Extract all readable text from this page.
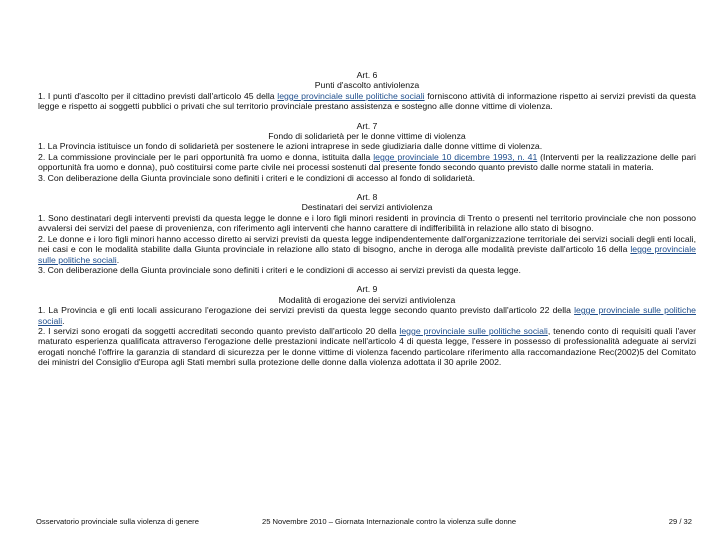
Art. 6
Punti d'ascolto antiviolenza
1. I punti d'ascolto per il cittadino previsti dall'articolo 45 della legge provinciale sulle politiche sociali forniscono attività di informazione rispetto ai servizi previsti da questa legge e rispetto ai soggetti pubblici o privati che sul territorio provinciale prestano assistenza e sostegno alle donne vittime di violenza.
Art. 7
Fondo di solidarietà per le donne vittime di violenza
1. La Provincia istituisce un fondo di solidarietà per sostenere le azioni intraprese in sede giudiziaria dalle donne vittime di violenza.
2. La commissione provinciale per le pari opportunità fra uomo e donna, istituita dalla legge provinciale 10 dicembre 1993, n. 41 (Interventi per la realizzazione delle pari opportunità fra uomo e donna), può costituirsi come parte civile nei processi sostenuti dal presente fondo secondo quanto previsto dalle norme statali in materia.
3. Con deliberazione della Giunta provinciale sono definiti i criteri e le condizioni di accesso al fondo di solidarietà.
Art. 8
Destinatari dei servizi antiviolenza
1. Sono destinatari degli interventi previsti da questa legge le donne e i loro figli minori residenti in provincia di Trento o presenti nel territorio provinciale che non possono avvalersi dei servizi del paese di provenienza, con riferimento agli interventi che hanno carattere di indifferibilità in relazione allo stato di bisogno.
2. Le donne e i loro figli minori hanno accesso diretto ai servizi previsti da questa legge indipendentemente dall'organizzazione territoriale dei servizi sociali degli enti locali, nei casi e con le modalità stabilite dalla Giunta provinciale in relazione allo stato di bisogno, anche in deroga alle modalità previste dall'articolo 16 della legge provinciale sulle politiche sociali.
3. Con deliberazione della Giunta provinciale sono definiti i criteri e le condizioni di accesso ai servizi previsti da questa legge.
Art. 9
Modalità di erogazione dei servizi antiviolenza
1. La Provincia e gli enti locali assicurano l'erogazione dei servizi previsti da questa legge secondo quanto previsto dall'articolo 22 della legge provinciale sulle politiche sociali.
2. I servizi sono erogati da soggetti accreditati secondo quanto previsto dall'articolo 20 della legge provinciale sulle politiche sociali, tenendo conto di requisiti quali l'aver maturato esperienza qualificata attraverso l'erogazione delle prestazioni indicate nell'articolo 4 di questa legge, l'essere in possesso di professionalità adeguate ai servizi erogati nonché l'offrire la garanzia di standard di sicurezza per le donne vittime di violenza facendo particolare riferimento alla raccomandazione Rec(2002)5 del Comitato dei ministri del Consiglio d'Europa agli Stati membri sulla protezione delle donne dalla violenza adottata il 30 aprile 2002.
Osservatorio provinciale sulla violenza di genere	25 Novembre 2010 – Giornata Internazionale contro la violenza sulle donne	29 / 32
